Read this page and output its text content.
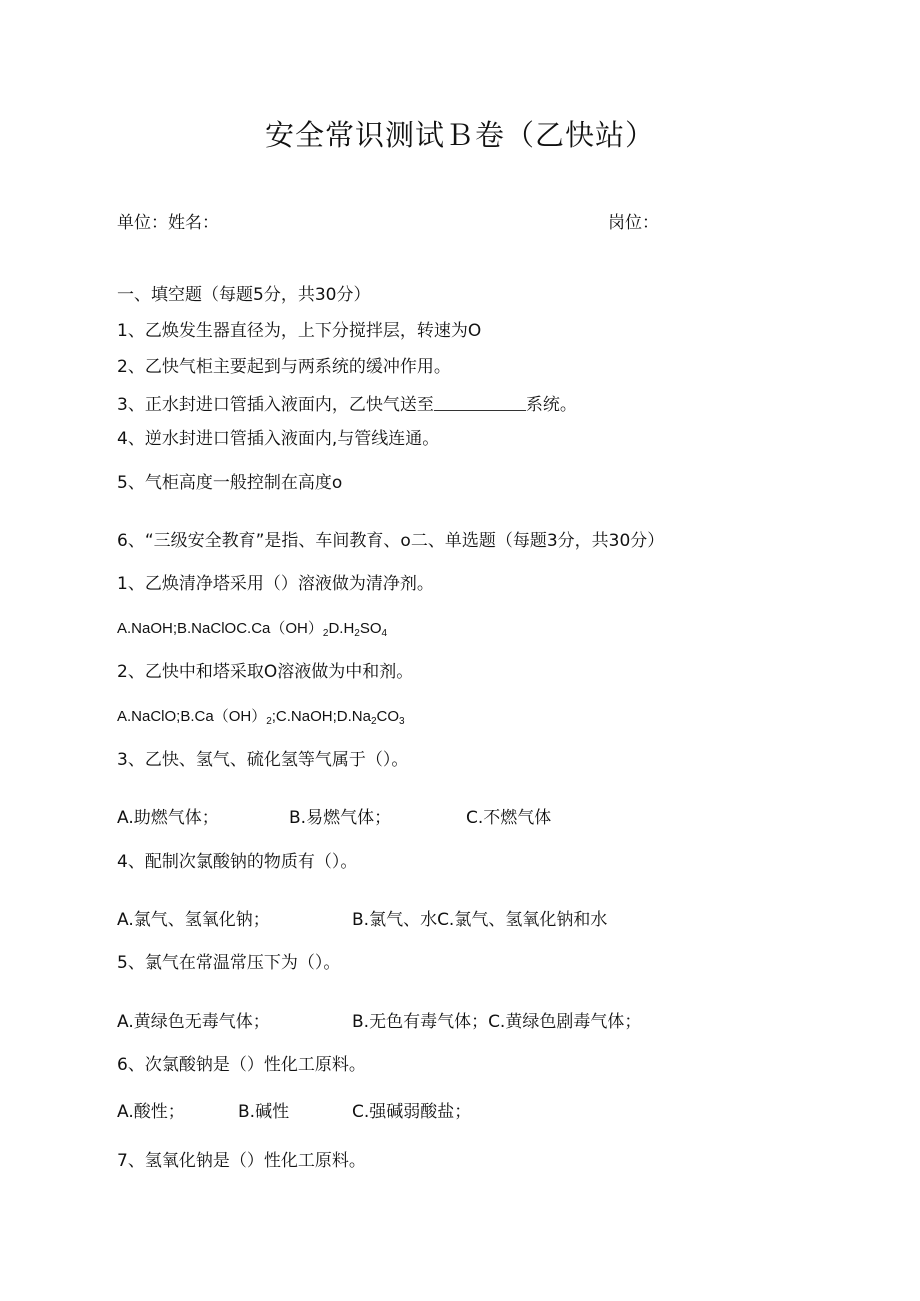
安全常识测试Ｂ卷（乙快站）
单位：姓名：	岗位：
一、填空题（每题5分，共30分）
1、乙焕发生器直径为，上下分搅拌层，转速为O
2、乙快气柜主要起到与两系统的缓冲作用。
3、正水封进口管插入液面内，乙快气送至	系统。
4、逆水封进口管插入液面内,与管线连通。
5、气柜高度一般控制在高度o
6、“三级安全教育”是指、车间教育、o二、单选题（每题3分，共30分）
1、乙焕清净塔采用（）溶液做为清净剂。
$A.NaOH;B.NaClOC.Ca(OH)_2D.H_2SO_4$
2、乙快中和塔采取O溶液做为中和剂。
$A.NaClO;B.Ca(OH)_2;C.NaOH;D.Na_2CO_3$
3、乙快、氢气、硫化氢等气属于（）。
A.助燃气体；	B.易燃气体；	C.不燃气体
4、配制次氯酸钠的物质有（）。
A.氯气、氢氧化钠；	B.氯气、水C.氯气、氢氧化钠和水
5、氯气在常温常压下为（）。
A.黄绿色无毒气体；	B.无色有毒气体；C.黄绿色剧毒气体；
6、次氯酸钠是（）性化工原料。
A.酸性；	B.碱性	C.强碱弱酸盐；
7、氢氧化钠是（）性化工原料。
